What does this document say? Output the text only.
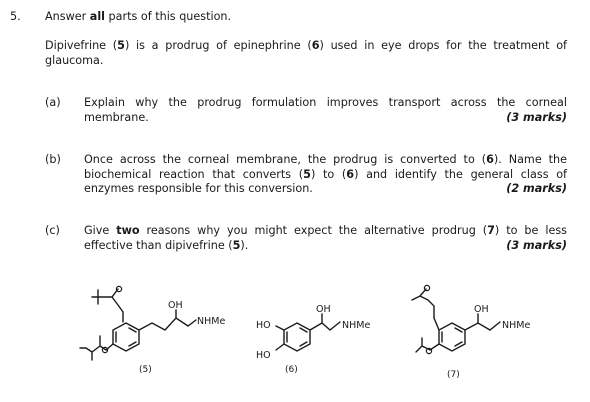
5. Answer all parts of this question.
Dipivefrine (5) is a prodrug of epinephrine (6) used in eye drops for the treatment of glaucoma.
(a) Explain why the prodrug formulation improves transport across the corneal
membrane.	(3 marks)
(b) Once across the corneal membrane, the prodrug is converted to (6). Name the
biochemical reaction that converts (5) to (6) and identify the general class of
enzymes responsible for this conversion.	(2 marks)
(c) Give two reasons why you might expect the alternative prodrug (7) to be less
effective than dipivefrine (5).	(3 marks)
OH
NHMe
(5)
HO
HO
OH
NHMe
(6)
OH
NHMe
(7)
